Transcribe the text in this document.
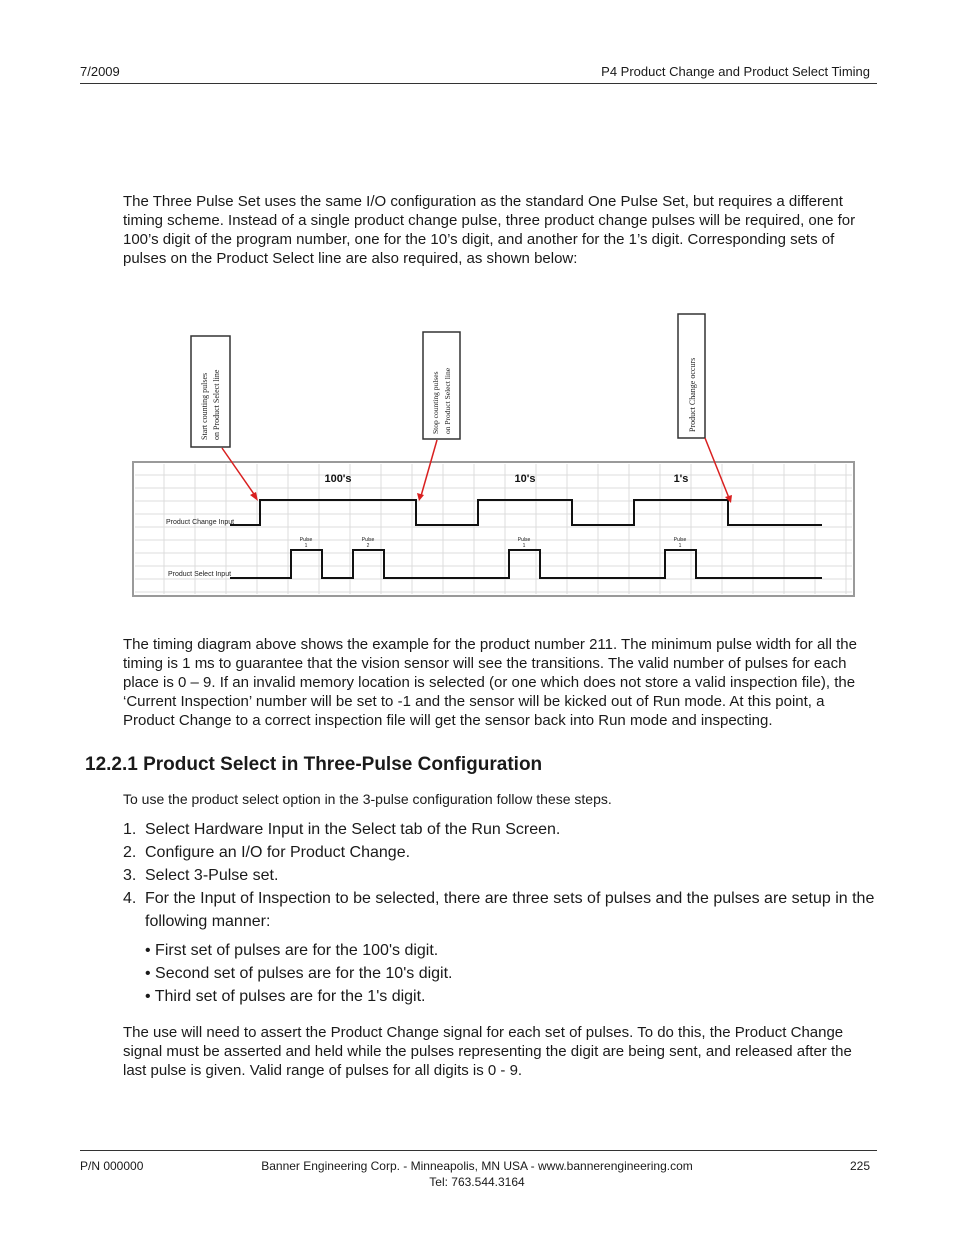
7/2009	P4 Product Change and Product Select Timing

The Three Pulse Set uses the same I/O configuration as the standard One Pulse Set, but requires a different timing scheme. Instead of a single product change pulse, three product change pulses will be required, one for 100’s digit of the program number, one for the 10’s digit, and another for the 1’s digit. Corresponding sets of pulses on the Product Select line are also required, as shown below:

Product Change Input
Product Select Input
100's	10's	1's
Pulse
1
Pulse
2
Pulse
1
Pulse
1
Start counting pulses on Product Select line	Stop counting pulses on Product Select line	Product Change occurs

The timing diagram above shows the example for the product number 211. The minimum pulse width for all the timing is 1 ms to guarantee that the vision sensor will see the transitions. The valid number of pulses for each place is 0 – 9. If an invalid memory location is selected (or one which does not store a valid inspection file), the ‘Current Inspection’ number will be set to -1 and the sensor will be kicked out of Run mode. At this point, a Product Change to a correct inspection file will get the sensor back into Run mode and inspecting.

12.2.1 Product Select in Three-Pulse Configuration

To use the product select option in the 3-pulse configuration follow these steps.

1. Select Hardware Input in the Select tab of the Run Screen.
2. Configure an I/O for Product Change.
3. Select 3-Pulse set.
4. For the Input of Inspection to be selected, there are three sets of pulses and the pulses are setup in the following manner:
• First set of pulses are for the 100's digit.
• Second set of pulses are for the 10's digit.
• Third set of pulses are for the 1's digit.

The use will need to assert the Product Change signal for each set of pulses. To do this, the Product Change signal must be asserted and held while the pulses representing the digit are being sent, and released after the last pulse is given. Valid range of pulses for all digits is 0 - 9.

P/N 000000	Banner Engineering Corp. - Minneapolis, MN USA - www.bannerengineering.com
Tel: 763.544.3164
225
